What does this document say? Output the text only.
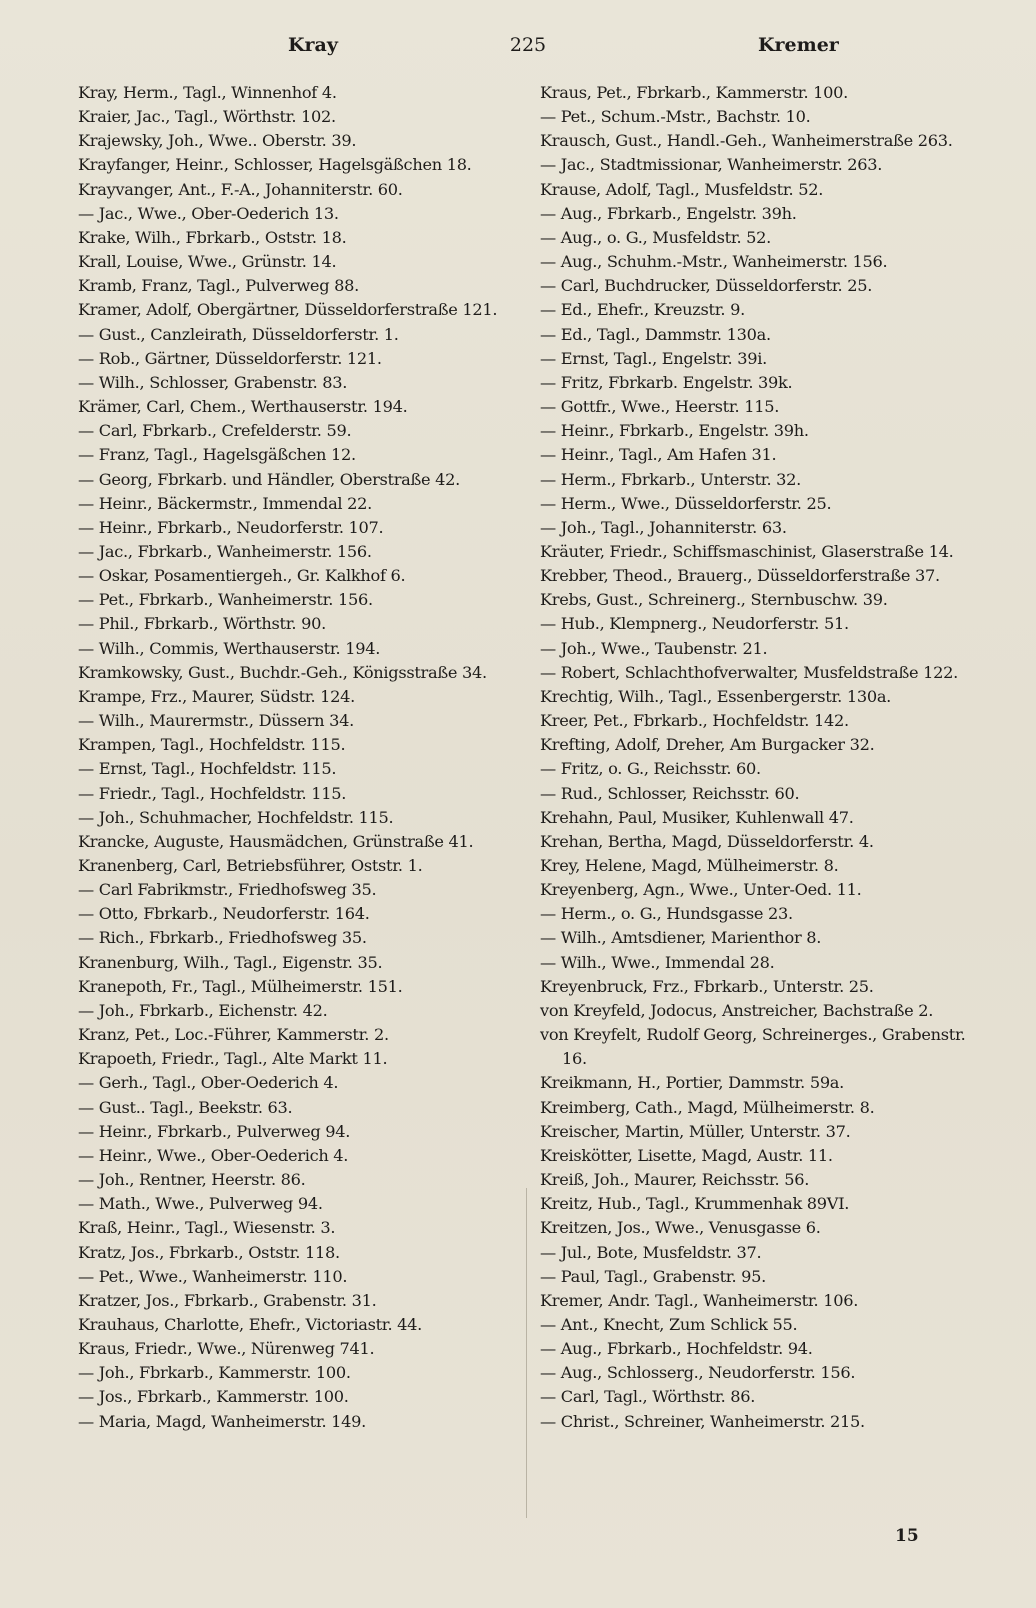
Kray	225	Kremer
Kray, Herm., Tagl., Winnenhof 4.
Kraier, Jac., Tagl., Wörthstr. 102.
Krajewsky, Joh., Wwe.. Oberstr. 39.
Krayfanger, Heinr., Schlosser, Hagelsgäßchen 18.
Krayvanger, Ant., F.-A., Johanniterstr. 60.
— Jac., Wwe., Ober-Oederich 13.
Krake, Wilh., Fbrkarb., Oststr. 18.
Krall, Louise, Wwe., Grünstr. 14.
Kramb, Franz, Tagl., Pulverweg 88.
Kramer, Adolf, Obergärtner, Düsseldorferstraße 121.
— Gust., Canzleirath, Düsseldorferstr. 1.
— Rob., Gärtner, Düsseldorferstr. 121.
— Wilh., Schlosser, Grabenstr. 83.
Krämer, Carl, Chem., Werthauserstr. 194.
— Carl, Fbrkarb., Crefelderstr. 59.
— Franz, Tagl., Hagelsgäßchen 12.
— Georg, Fbrkarb. und Händler, Oberstraße 42.
— Heinr., Bäckermstr., Immendal 22.
— Heinr., Fbrkarb., Neudorferstr. 107.
— Jac., Fbrkarb., Wanheimerstr. 156.
— Oskar, Posamentiergeh., Gr. Kalkhof 6.
— Pet., Fbrkarb., Wanheimerstr. 156.
— Phil., Fbrkarb., Wörthstr. 90.
— Wilh., Commis, Werthauserstr. 194.
Kramkowsky, Gust., Buchdr.-Geh., Königsstraße 34.
Krampe, Frz., Maurer, Südstr. 124.
— Wilh., Maurermstr., Düssern 34.
Krampen, Tagl., Hochfeldstr. 115.
— Ernst, Tagl., Hochfeldstr. 115.
— Friedr., Tagl., Hochfeldstr. 115.
— Joh., Schuhmacher, Hochfeldstr. 115.
Krancke, Auguste, Hausmädchen, Grünstraße 41.
Kranenberg, Carl, Betriebsführer, Oststr. 1.
— Carl Fabrikmstr., Friedhofsweg 35.
— Otto, Fbrkarb., Neudorferstr. 164.
— Rich., Fbrkarb., Friedhofsweg 35.
Kranenburg, Wilh., Tagl., Eigenstr. 35.
Kranepoth, Fr., Tagl., Mülheimerstr. 151.
— Joh., Fbrkarb., Eichenstr. 42.
Kranz, Pet., Loc.-Führer, Kammerstr. 2.
Krapoeth, Friedr., Tagl., Alte Markt 11.
— Gerh., Tagl., Ober-Oederich 4.
— Gust.. Tagl., Beekstr. 63.
— Heinr., Fbrkarb., Pulverweg 94.
— Heinr., Wwe., Ober-Oederich 4.
— Joh., Rentner, Heerstr. 86.
— Math., Wwe., Pulverweg 94.
Kraß, Heinr., Tagl., Wiesenstr. 3.
Kratz, Jos., Fbrkarb., Oststr. 118.
— Pet., Wwe., Wanheimerstr. 110.
Kratzer, Jos., Fbrkarb., Grabenstr. 31.
Krauhaus, Charlotte, Ehefr., Victoriastr. 44.
Kraus, Friedr., Wwe., Nürenweg 741.
— Joh., Fbrkarb., Kammerstr. 100.
— Jos., Fbrkarb., Kammerstr. 100.
— Maria, Magd, Wanheimerstr. 149.
Kraus, Pet., Fbrkarb., Kammerstr. 100.
— Pet., Schum.-Mstr., Bachstr. 10.
Krausch, Gust., Handl.-Geh., Wanheimerstraße 263.
— Jac., Stadtmissionar, Wanheimerstr. 263.
Krause, Adolf, Tagl., Musfeldstr. 52.
— Aug., Fbrkarb., Engelstr. 39h.
— Aug., o. G., Musfeldstr. 52.
— Aug., Schuhm.-Mstr., Wanheimerstr. 156.
— Carl, Buchdrucker, Düsseldorferstr. 25.
— Ed., Ehefr., Kreuzstr. 9.
— Ed., Tagl., Dammstr. 130a.
— Ernst, Tagl., Engelstr. 39i.
— Fritz, Fbrkarb. Engelstr. 39k.
— Gottfr., Wwe., Heerstr. 115.
— Heinr., Fbrkarb., Engelstr. 39h.
— Heinr., Tagl., Am Hafen 31.
— Herm., Fbrkarb., Unterstr. 32.
— Herm., Wwe., Düsseldorferstr. 25.
— Joh., Tagl., Johanniterstr. 63.
Kräuter, Friedr., Schiffsmaschinist, Glaserstraße 14.
Krebber, Theod., Brauerg., Düsseldorferstraße 37.
Krebs, Gust., Schreinerg., Sternbuschw. 39.
— Hub., Klempnerg., Neudorferstr. 51.
— Joh., Wwe., Taubenstr. 21.
— Robert, Schlachthofverwalter, Musfeldstraße 122.
Krechtig, Wilh., Tagl., Essenbergerstr. 130a.
Kreer, Pet., Fbrkarb., Hochfeldstr. 142.
Krefting, Adolf, Dreher, Am Burgacker 32.
— Fritz, o. G., Reichsstr. 60.
— Rud., Schlosser, Reichsstr. 60.
Krehahn, Paul, Musiker, Kuhlenwall 47.
Krehan, Bertha, Magd, Düsseldorferstr. 4.
Krey, Helene, Magd, Mülheimerstr. 8.
Kreyenberg, Agn., Wwe., Unter-Oed. 11.
— Herm., o. G., Hundsgasse 23.
— Wilh., Amtsdiener, Marienthor 8.
— Wilh., Wwe., Immendal 28.
Kreyenbruck, Frz., Fbrkarb., Unterstr. 25.
von Kreyfeld, Jodocus, Anstreicher, Bachstraße 2.
von Kreyfelt, Rudolf Georg, Schreinerges., Grabenstr. 16.
Kreikmann, H., Portier, Dammstr. 59a.
Kreimberg, Cath., Magd, Mülheimerstr. 8.
Kreischer, Martin, Müller, Unterstr. 37.
Kreiskötter, Lisette, Magd, Austr. 11.
Kreiß, Joh., Maurer, Reichsstr. 56.
Kreitz, Hub., Tagl., Krummenhak 89VI.
Kreitzen, Jos., Wwe., Venusgasse 6.
— Jul., Bote, Musfeldstr. 37.
— Paul, Tagl., Grabenstr. 95.
Kremer, Andr. Tagl., Wanheimerstr. 106.
— Ant., Knecht, Zum Schlick 55.
— Aug., Fbrkarb., Hochfeldstr. 94.
— Aug., Schlosserg., Neudorferstr. 156.
— Carl, Tagl., Wörthstr. 86.
— Christ., Schreiner, Wanheimerstr. 215.
15
